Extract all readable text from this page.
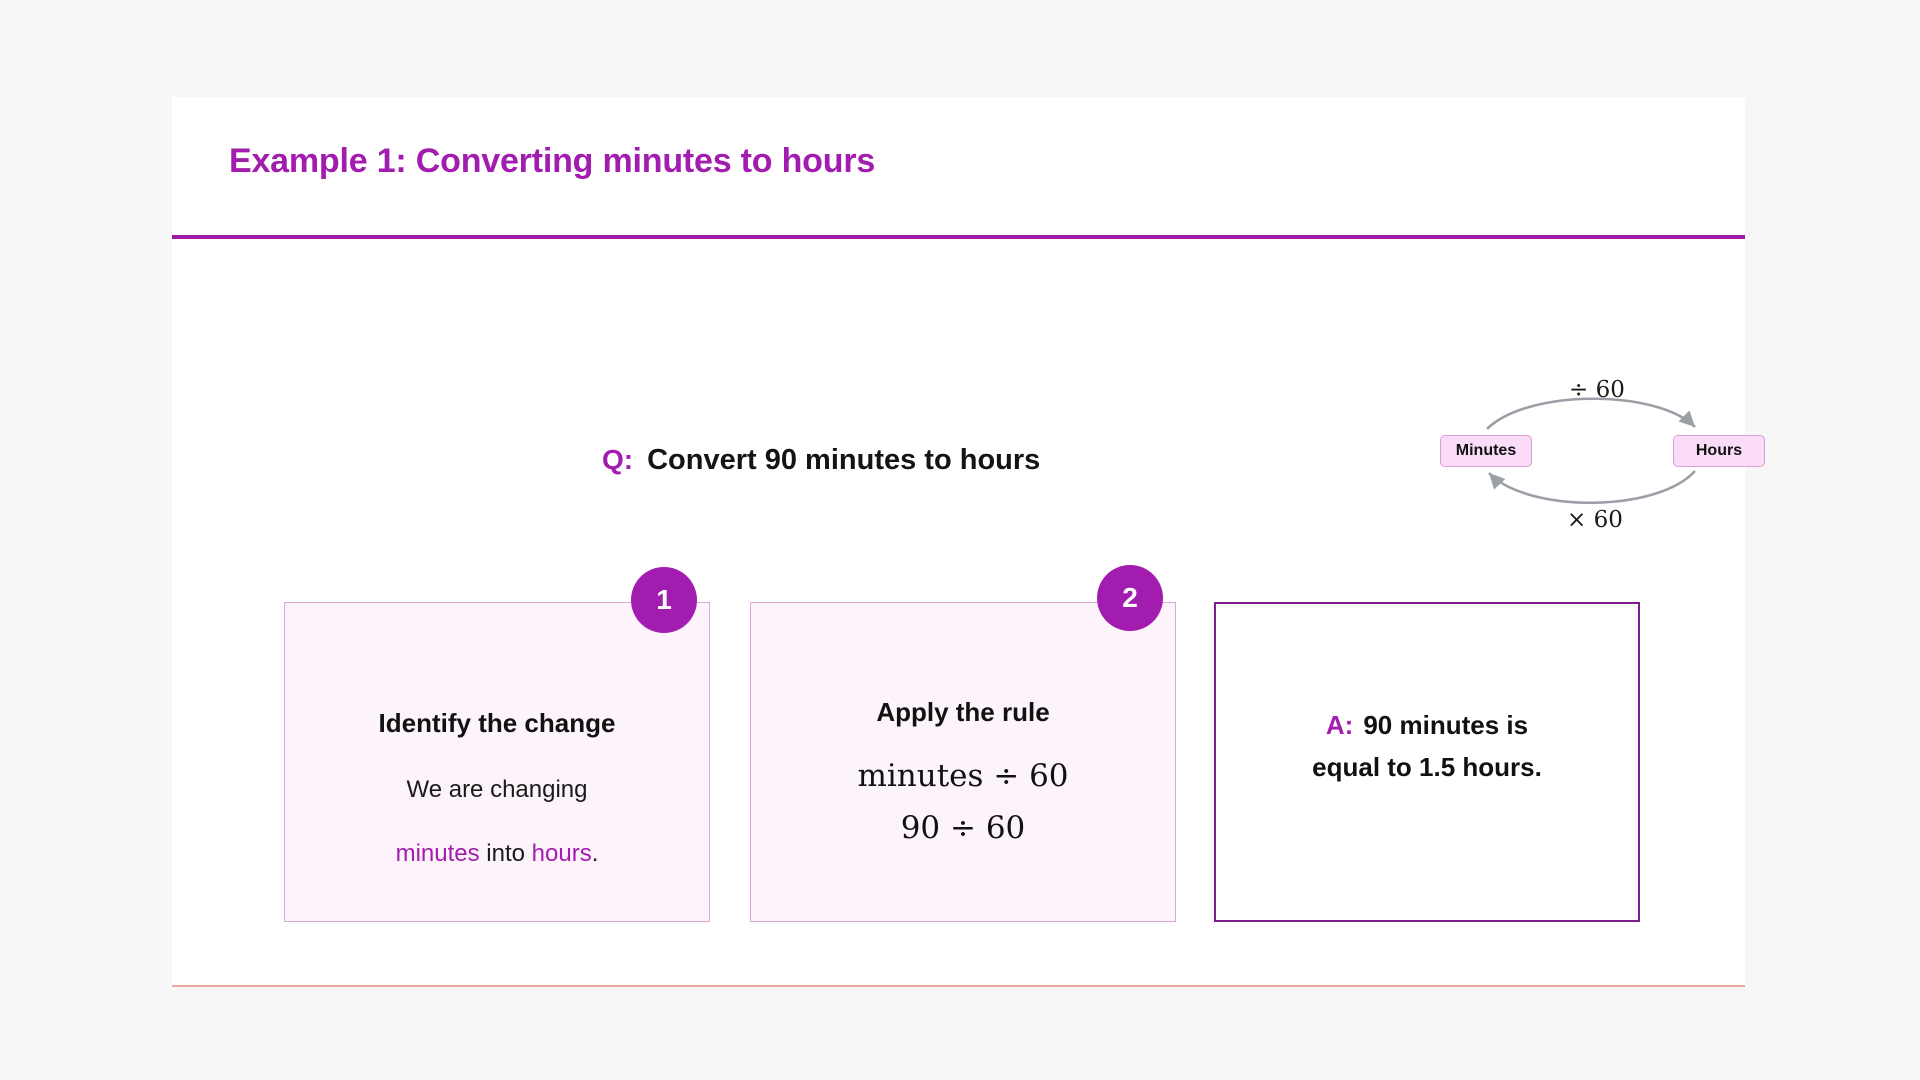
Example 1: Converting minutes to hours
Q: Convert 90 minutes to hours	Minutes	Hours
÷ 60
× 60
1
Identify the change
We are changing
minutes into hours.
2
Apply the rule
minutes ÷ 60
90 ÷ 60
A: 90 minutes is
equal to 1.5 hours.
